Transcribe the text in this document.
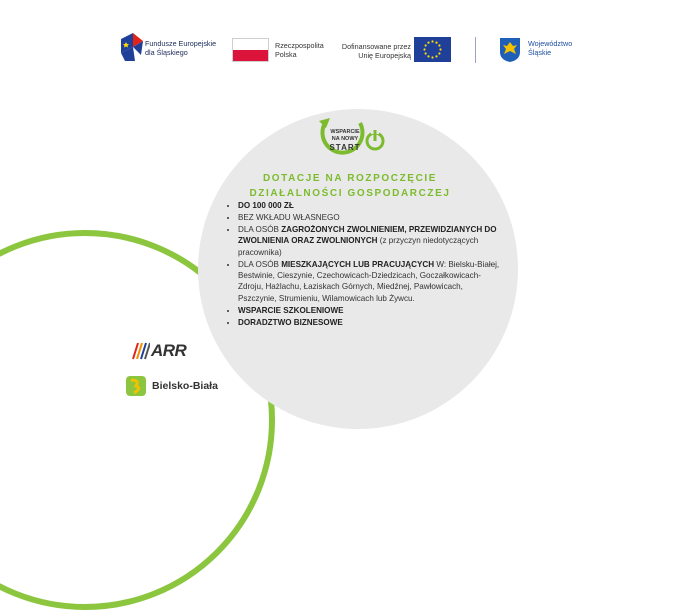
Fundusze Europejskie
dla Śląskiego
Rzeczpospolita
Polska
Dofinansowane przez
Unię Europejską
Województwo
Śląskie
WSPARCIE
NA NOWY
START
DOTACJE NA ROZPOCZĘCIE
DZIAŁALNOŚCI GOSPODARCZEJ
• DO 100 000 ZŁ
• BEZ WKŁADU WŁASNEGO
• DLA OSÓB ZAGROŻONYCH ZWOLNIENIEM, PRZEWIDZIANYCH DO ZWOLNIENIA ORAZ ZWOLNIONYCH (z przyczyn niedotyczących pracownika)
• DLA OSÓB MIESZKAJĄCYCH LUB PRACUJĄCYCH W: Bielsku-Białej, Bestwinie, Cieszynie, Czechowicach-Dziedzicach, Goczałkowicach-Zdroju, Hażlachu, Łaziskach Górnych, Miedźnej, Pawłowicach, Pszczynie, Strumieniu, Wilamowicach lub Żywcu.
• WSPARCIE SZKOLENIOWE
• DORADZTWO BIZNESOWE
ARR
Bielsko-Biała
